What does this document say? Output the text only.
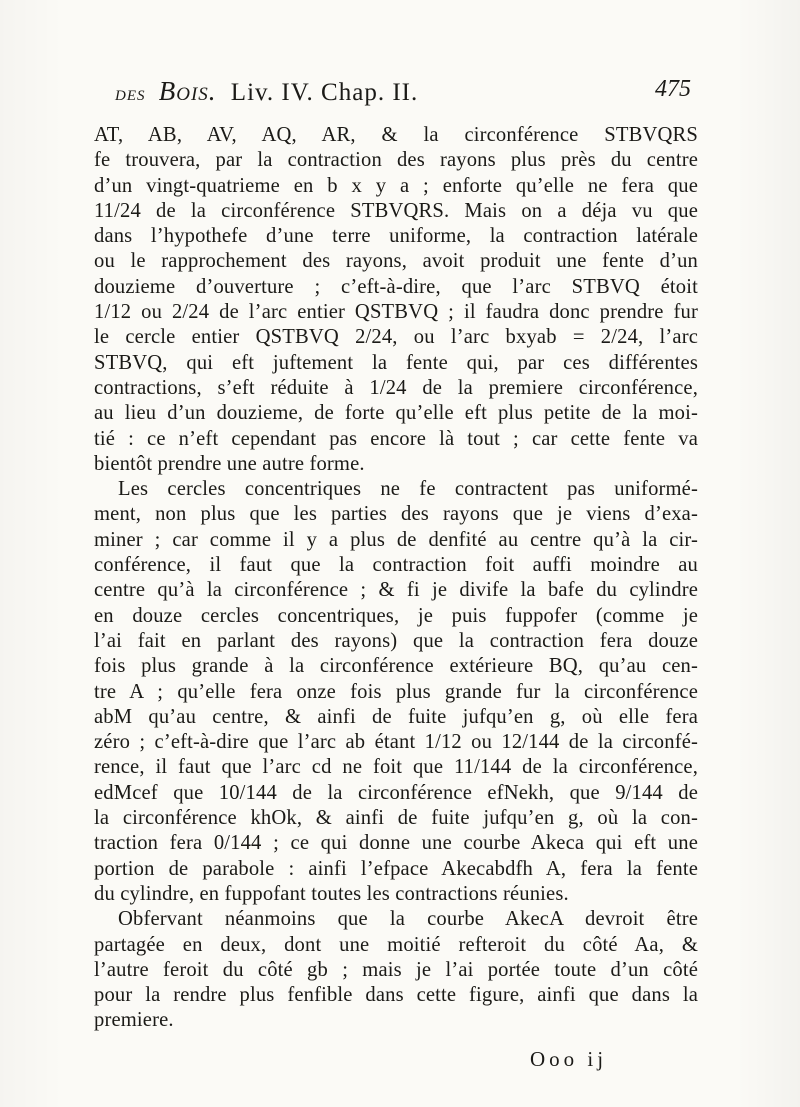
des Bois. Liv. IV. Chap. II.	475
AT, AB, AV, AQ, AR, & la circonférence STBVQRS
fe trouvera, par la contraction des rayons plus près du centre
d’un vingt-quatrieme en b x y a ; enforte qu’elle ne fera que
11/24 de la circonférence STBVQRS. Mais on a déja vu que
dans l’hypothefe d’une terre uniforme, la contraction latérale
ou le rapprochement des rayons, avoit produit une fente d’un
douzieme d’ouverture ; c’eft-à-dire, que l’arc STBVQ étoit
1/12 ou 2/24 de l’arc entier QSTBVQ ; il faudra donc prendre fur
le cercle entier QSTBVQ 2/24, ou l’arc bxyab = 2/24, l’arc
STBVQ, qui eft juftement la fente qui, par ces différentes
contractions, s’eft réduite à 1/24 de la premiere circonférence,
au lieu d’un douzieme, de forte qu’elle eft plus petite de la moi-
tié : ce n’eft cependant pas encore là tout ; car cette fente va
bientôt prendre une autre forme.
Les cercles concentriques ne fe contractent pas uniformé-
ment, non plus que les parties des rayons que je viens d’exa-
miner ; car comme il y a plus de denfité au centre qu’à la cir-
conférence, il faut que la contraction foit auffi moindre au
centre qu’à la circonférence ; & fi je divife la bafe du cylindre
en douze cercles concentriques, je puis fuppofer (comme je
l’ai fait en parlant des rayons) que la contraction fera douze
fois plus grande à la circonférence extérieure BQ, qu’au cen-
tre A ; qu’elle fera onze fois plus grande fur la circonférence
abM qu’au centre, & ainfi de fuite jufqu’en g, où elle fera
zéro ; c’eft-à-dire que l’arc ab étant 1/12 ou 12/144 de la circonfé-
rence, il faut que l’arc cd ne foit que 11/144 de la circonférence,
edMcef que 10/144 de la circonférence efNekh, que 9/144 de
la circonférence khOk, & ainfi de fuite jufqu’en g, où la con-
traction fera 0/144 ; ce qui donne une courbe Akeca qui eft une
portion de parabole : ainfi l’efpace Akecabdfh A, fera la fente
du cylindre, en fuppofant toutes les contractions réunies.
Obfervant néanmoins que la courbe AkecA devroit être
partagée en deux, dont une moitié refteroit du côté Aa, &
l’autre feroit du côté gb ; mais je l’ai portée toute d’un côté
pour la rendre plus fenfible dans cette figure, ainfi que dans la
premiere.
Ooo ij
